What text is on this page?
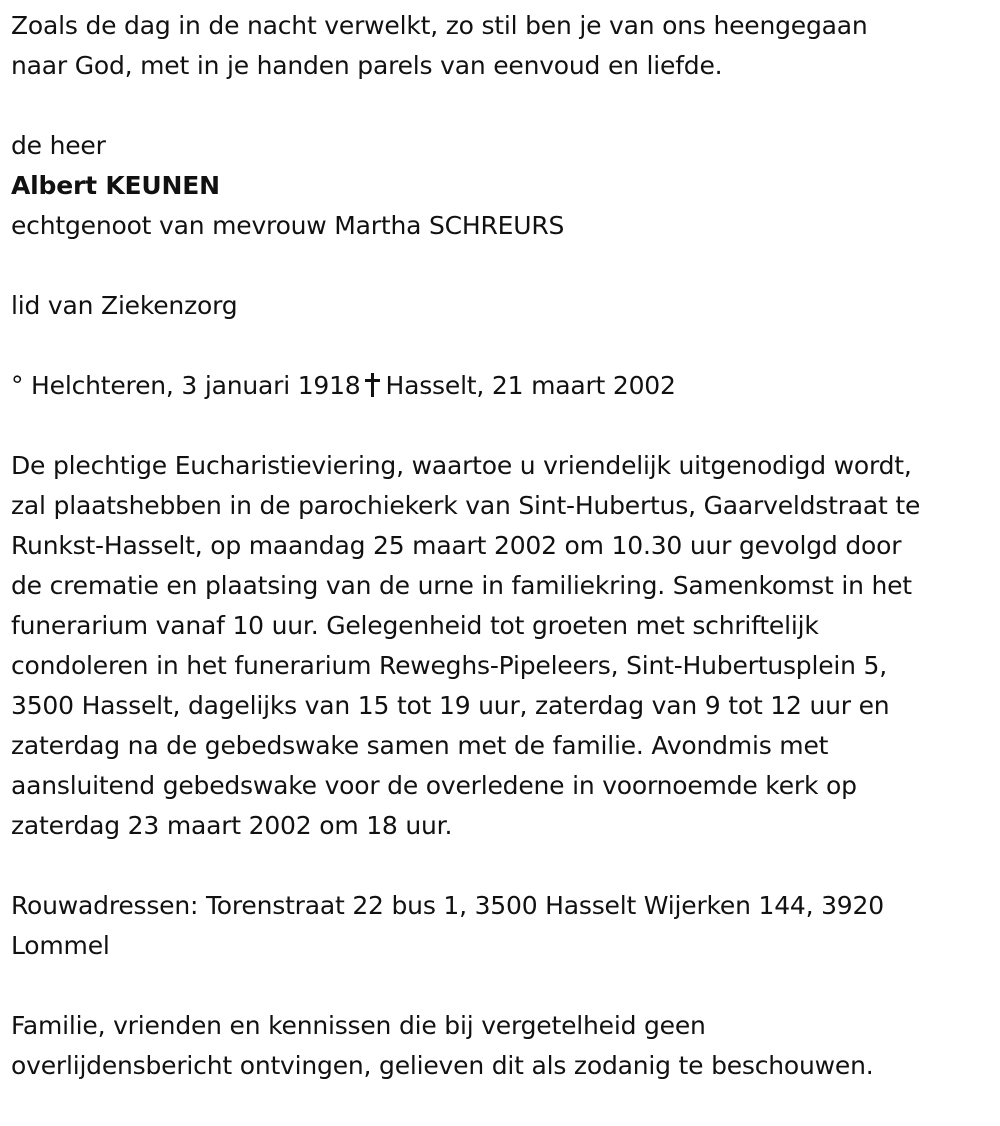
Zoals de dag in de nacht verwelkt, zo stil ben je van ons heengegaan
naar God, met in je handen parels van eenvoud en liefde.

de heer
Albert KEUNEN
echtgenoot van mevrouw Martha SCHREURS

lid van Ziekenzorg

° Helchteren, 3 januari 1918 Hasselt, 21 maart 2002

De plechtige Eucharistieviering, waartoe u vriendelijk uitgenodigd wordt,
zal plaatshebben in de parochiekerk van Sint-Hubertus, Gaarveldstraat te
Runkst-Hasselt, op maandag 25 maart 2002 om 10.30 uur gevolgd door
de crematie en plaatsing van de urne in familiekring. Samenkomst in het
funerarium vanaf 10 uur. Gelegenheid tot groeten met schriftelijk
condoleren in het funerarium Reweghs-Pipeleers, Sint-Hubertusplein 5,
3500 Hasselt, dagelijks van 15 tot 19 uur, zaterdag van 9 tot 12 uur en
zaterdag na de gebedswake samen met de familie. Avondmis met
aansluitend gebedswake voor de overledene in voornoemde kerk op
zaterdag 23 maart 2002 om 18 uur.

Rouwadressen: Torenstraat 22 bus 1, 3500 Hasselt Wijerken 144, 3920
Lommel

Familie, vrienden en kennissen die bij vergetelheid geen
overlijdensbericht ontvingen, gelieven dit als zodanig te beschouwen.
